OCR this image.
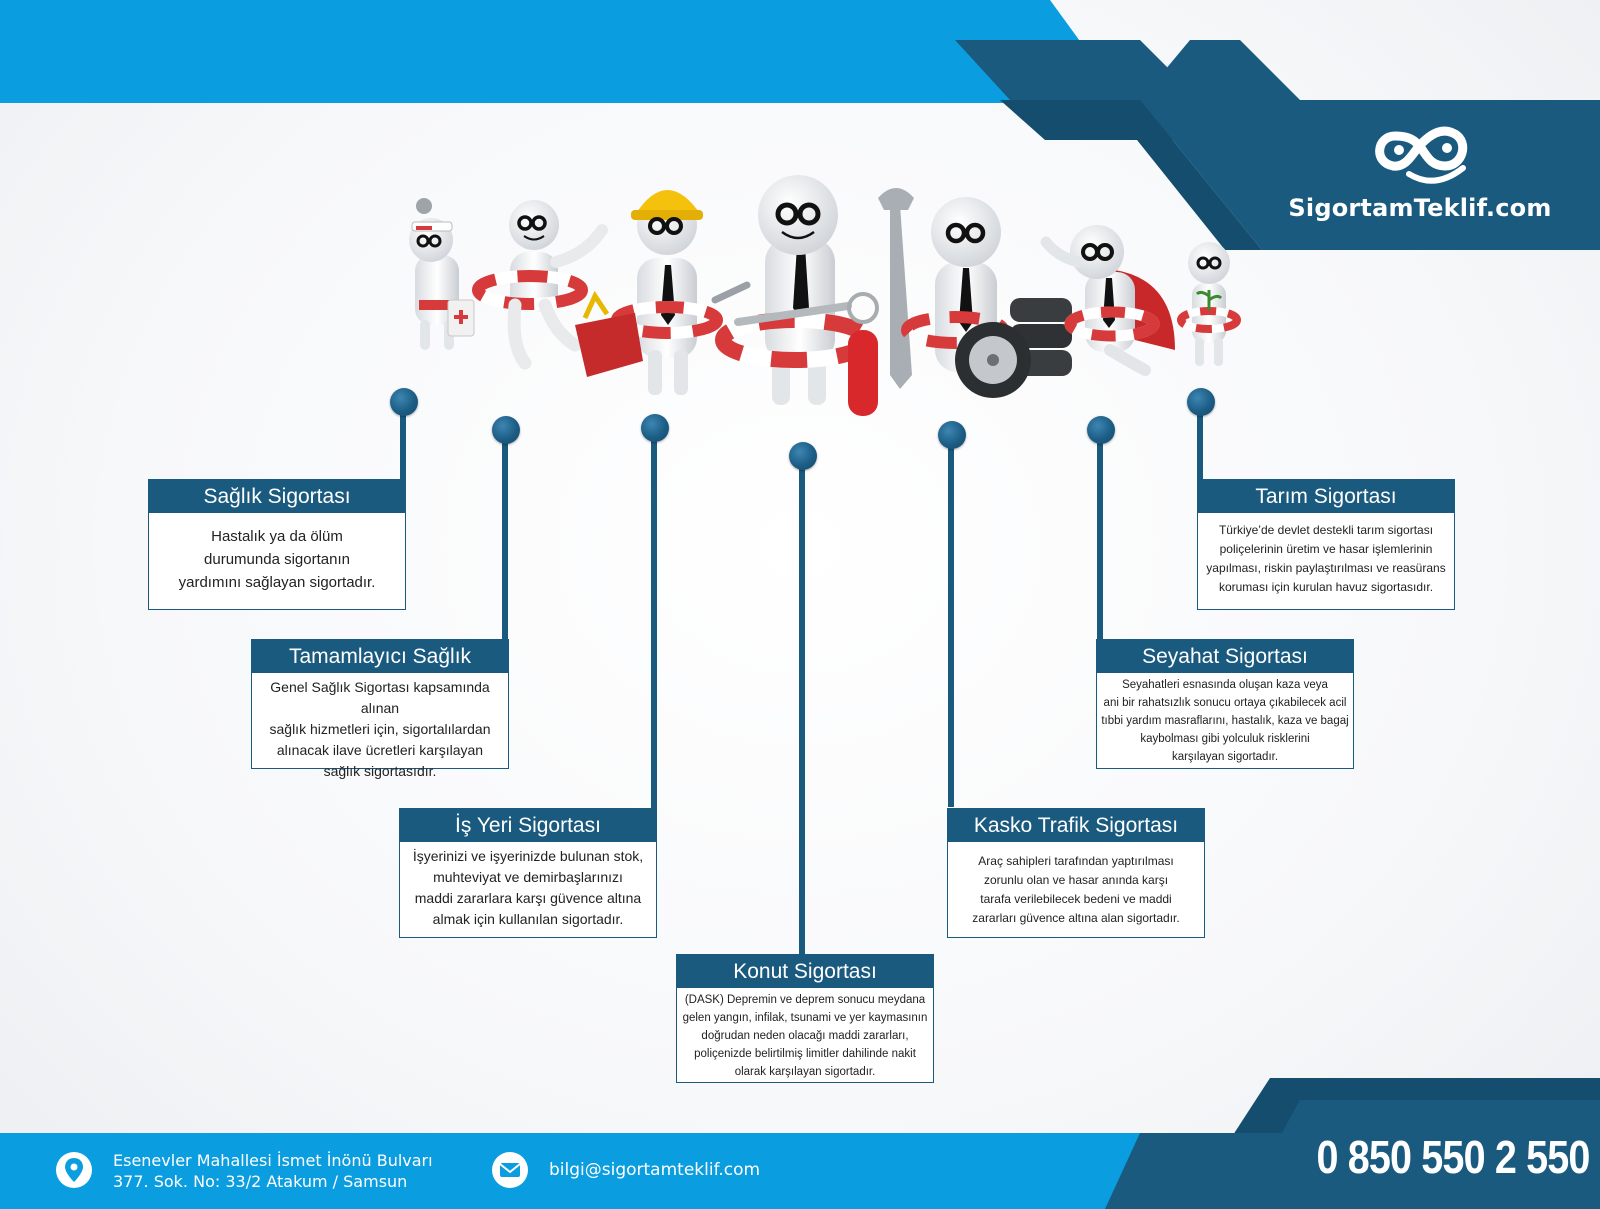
SigortamTeklif.com
Sağlık Sigortası
Hastalık ya da ölüm
durumunda sigortanın
yardımını sağlayan sigortadır.
Tamamlayıcı Sağlık
Genel Sağlık Sigortası kapsamında alınan
sağlık hizmetleri için, sigortalılardan
alınacak ilave ücretleri karşılayan
sağlık sigortasıdır.
İş Yeri Sigortası
İşyerinizi ve işyerinizde bulunan stok,
muhteviyat ve demirbaşlarınızı
maddi zararlara karşı güvence altına
almak için kullanılan sigortadır.
Konut Sigortası
(DASK) Depremin ve deprem sonucu meydana
gelen yangın, infilak, tsunami ve yer kaymasının
doğrudan neden olacağı maddi zararları,
poliçenizde belirtilmiş limitler dahilinde nakit
olarak karşılayan sigortadır.
Kasko Trafik Sigortası
Araç sahipleri tarafından yaptırılması
zorunlu olan ve hasar anında karşı
tarafa verilebilecek bedeni ve maddi
zararları güvence altına alan sigortadır.
Seyahat Sigortası
Seyahatleri esnasında oluşan kaza veya
ani bir rahatsızlık sonucu ortaya çıkabilecek acil
tıbbi yardım masraflarını, hastalık, kaza ve bagaj
kaybolması gibi yolculuk risklerini
karşılayan sigortadır.
Tarım Sigortası
Türkiye’de devlet destekli tarım sigortası
poliçelerinin üretim ve hasar işlemlerinin
yapılması, riskin paylaştırılması ve reasürans
koruması için kurulan havuz sigortasıdır.
Esenevler Mahallesi İsmet İnönü Bulvarı
377. Sok. No: 33/2 Atakum / Samsun
bilgi@sigortamteklif.com	0 850 550 2 550
